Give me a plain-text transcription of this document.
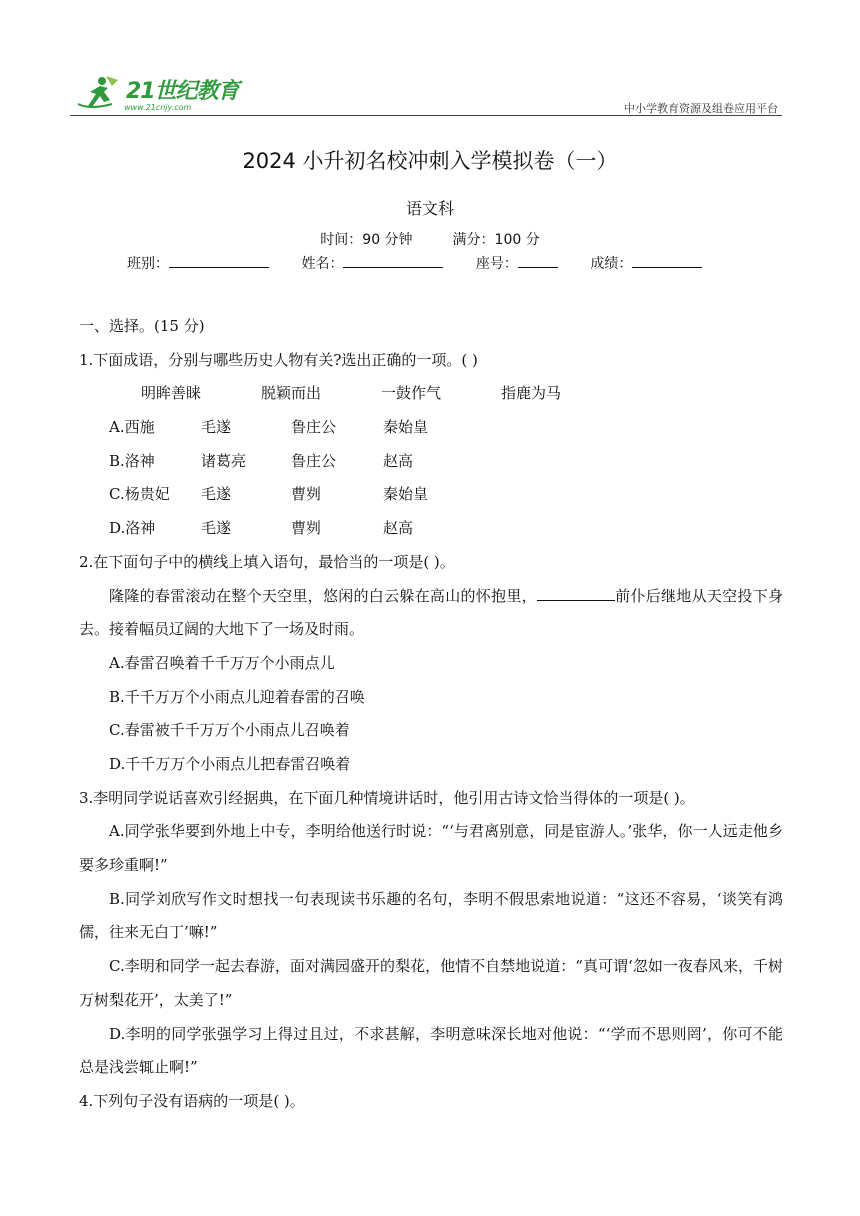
21世纪教育
www.21cnjy.com	中小学教育资源及组卷应用平台
2024 小升初名校冲刺入学模拟卷（一）
语文科
时间：90 分钟	满分：100 分
班别：	姓名：	座号：	成绩：
一、选择。(15 分)
1.下面成语，分别与哪些历史人物有关?选出正确的一项。( )
明眸善睐	脱颖而出	一鼓作气	指鹿为马
A.西施	毛遂	鲁庄公	秦始皇
B.洛神	诸葛亮	鲁庄公	赵高
C.杨贵妃 毛遂	曹刿	秦始皇
D.洛神	毛遂	曹刿	赵高
2.在下面句子中的横线上填入语句，最恰当的一项是( )。
隆隆的春雷滚动在整个天空里，悠闲的白云躲在高山的怀抱里，	前仆后继地从天空投下身去。接着幅员辽阔的大地下了一场及时雨。
A.春雷召唤着千千万万个小雨点儿
B.千千万万个小雨点儿迎着春雷的召唤
C.春雷被千千万万个小雨点儿召唤着
D.千千万万个小雨点儿把春雷召唤着
3.李明同学说话喜欢引经据典，在下面几种情境讲话时，他引用古诗文恰当得体的一项是( )。
A.同学张华要到外地上中专，李明给他送行时说：“‘与君离别意，同是宦游人。’张华，你一人远走他乡要多珍重啊!”
B.同学刘欣写作文时想找一句表现读书乐趣的名句，李明不假思索地说道：“这还不容易，‘谈笑有鸿儒，往来无白丁’嘛!”
C.李明和同学一起去春游，面对满园盛开的梨花，他情不自禁地说道：“真可谓‘忽如一夜春风来，千树万树梨花开’，太美了!”
D.李明的同学张强学习上得过且过，不求甚解，李明意味深长地对他说：“‘学而不思则罔’，你可不能总是浅尝辄止啊!”
4.下列句子没有语病的一项是( )。
